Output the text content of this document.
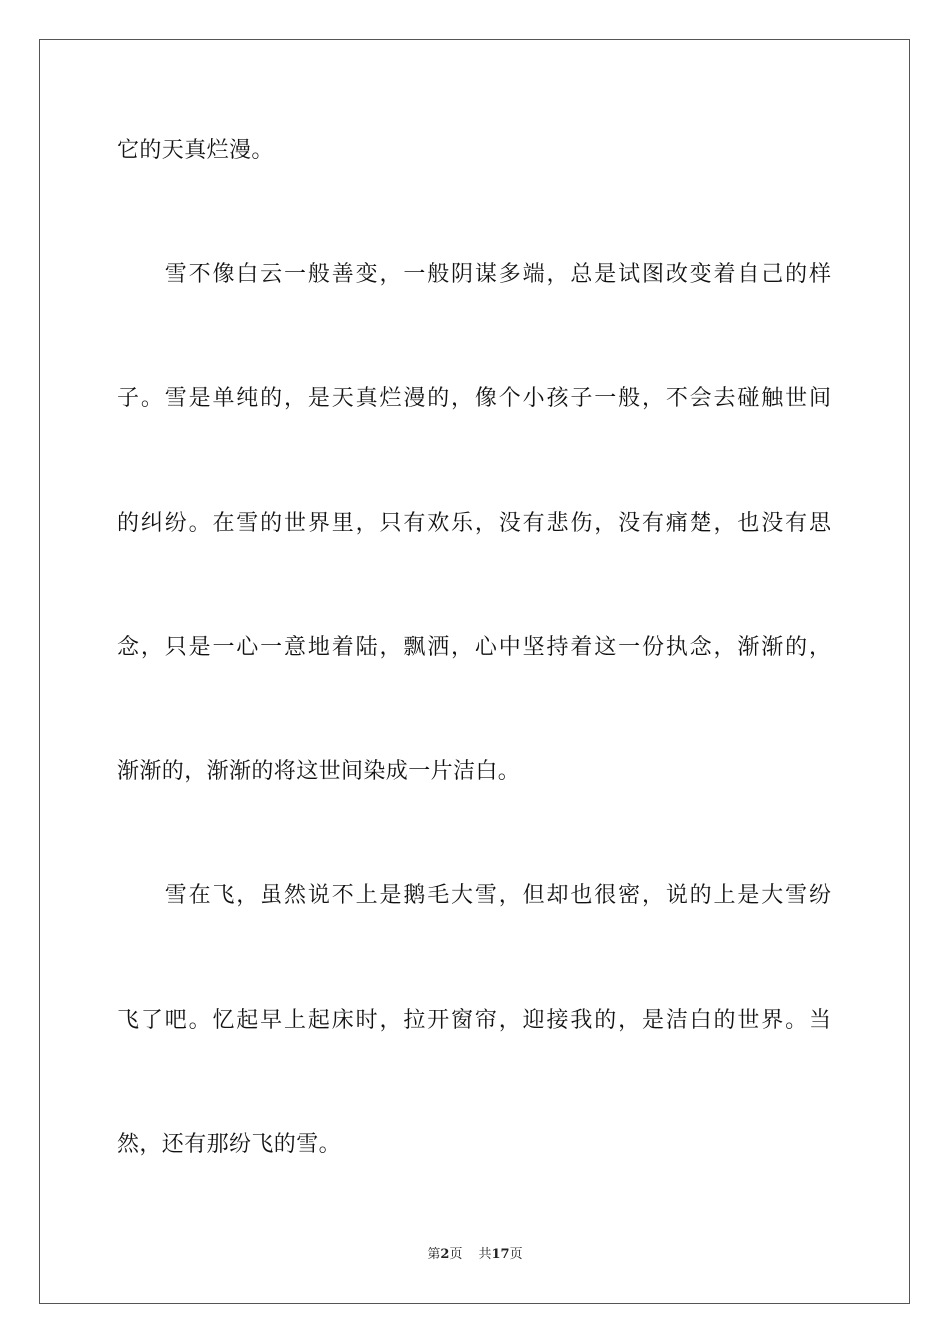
它的天真烂漫。
　　雪不像白云一般善变，一般阴谋多端，总是试图改变着自己的样
子。雪是单纯的，是天真烂漫的，像个小孩子一般，不会去碰触世间
的纠纷。在雪的世界里，只有欢乐，没有悲伤，没有痛楚，也没有思
念，只是一心一意地着陆，飘洒，心中坚持着这一份执念，渐渐的，
渐渐的，渐渐的将这世间染成一片洁白。
　　雪在飞，虽然说不上是鹅毛大雪，但却也很密，说的上是大雪纷
飞了吧。忆起早上起床时，拉开窗帘，迎接我的，是洁白的世界。当
然，还有那纷飞的雪。
第2页 共17页
